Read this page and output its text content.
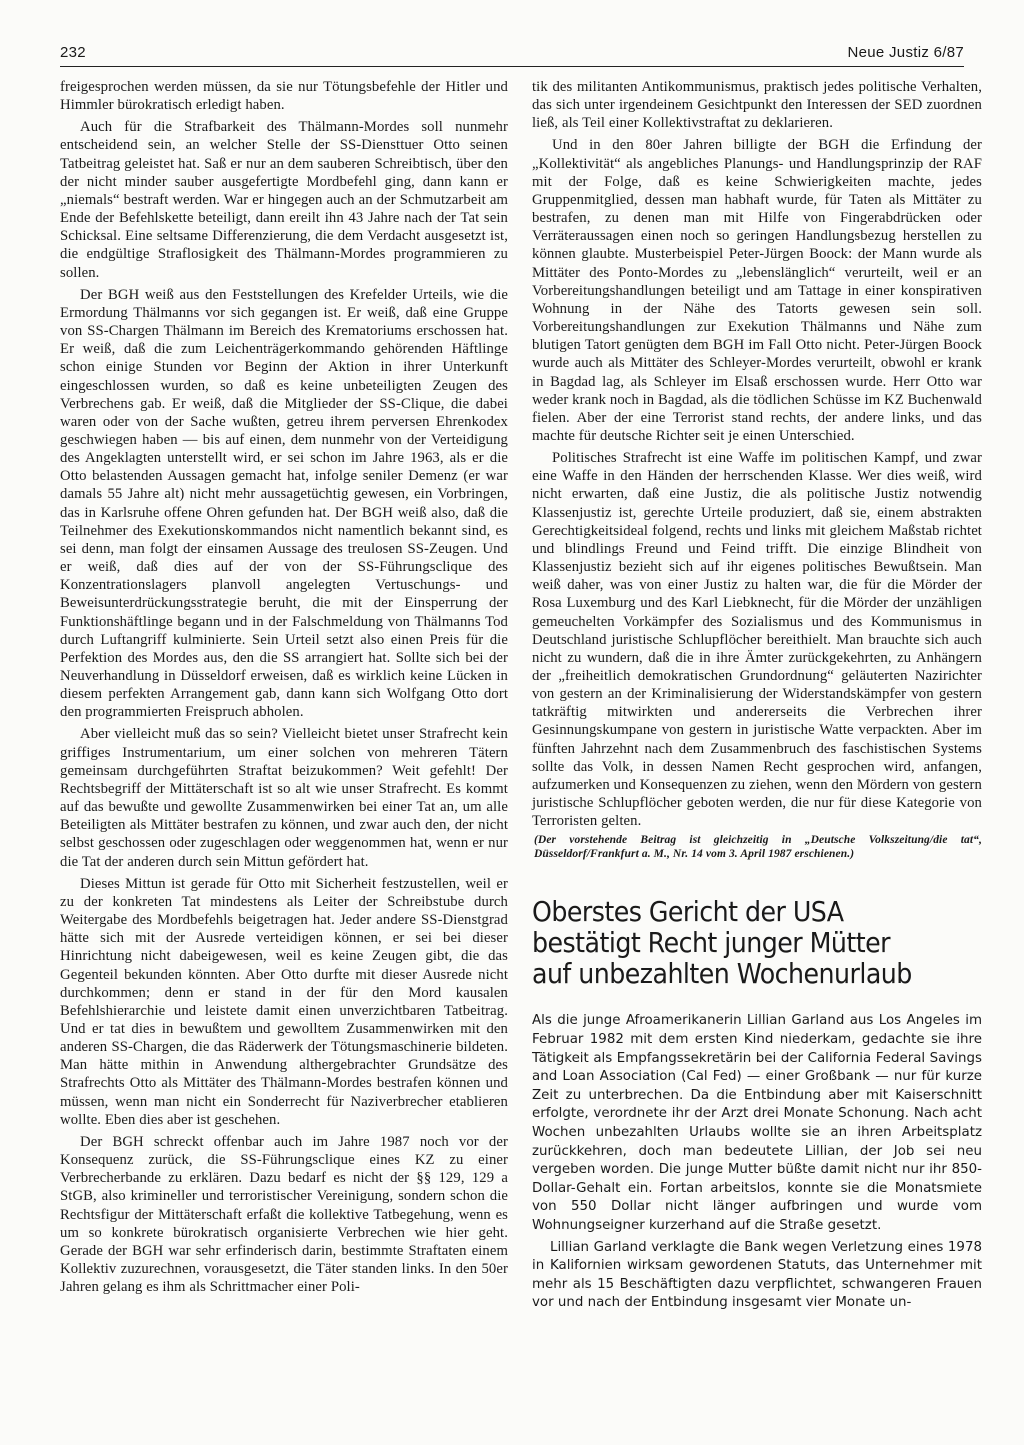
232	Neue Justiz 6/87

freigesprochen werden müssen, da sie nur Tötungsbefehle der Hitler und Himmler bürokratisch erledigt haben.

Auch für die Strafbarkeit des Thälmann-Mordes soll nunmehr entscheidend sein, an welcher Stelle der SS-Diensttuer Otto seinen Tatbeitrag geleistet hat. Saß er nur an dem sauberen Schreibtisch, über den der nicht minder sauber ausgefertigte Mordbefehl ging, dann kann er „niemals“ bestraft werden. War er hingegen auch an der Schmutzarbeit am Ende der Befehlskette beteiligt, dann ereilt ihn 43 Jahre nach der Tat sein Schicksal. Eine seltsame Differenzierung, die dem Verdacht ausgesetzt ist, die endgültige Straflosigkeit des Thälmann-Mordes programmieren zu sollen.

Der BGH weiß aus den Feststellungen des Krefelder Urteils, wie die Ermordung Thälmanns vor sich gegangen ist. Er weiß, daß eine Gruppe von SS-Chargen Thälmann im Bereich des Krematoriums erschossen hat. Er weiß, daß die zum Leichenträgerkommando gehörenden Häftlinge schon einige Stunden vor Beginn der Aktion in ihrer Unterkunft eingeschlossen wurden, so daß es keine unbeteiligten Zeugen des Verbrechens gab. Er weiß, daß die Mitglieder der SS-Clique, die dabei waren oder von der Sache wußten, getreu ihrem perversen Ehrenkodex geschwiegen haben — bis auf einen, dem nunmehr von der Verteidigung des Angeklagten unterstellt wird, er sei schon im Jahre 1963, als er die Otto belastenden Aussagen gemacht hat, infolge seniler Demenz (er war damals 55 Jahre alt) nicht mehr aussagetüchtig gewesen, ein Vorbringen, das in Karlsruhe offene Ohren gefunden hat. Der BGH weiß also, daß die Teilnehmer des Exekutionskommandos nicht namentlich bekannt sind, es sei denn, man folgt der einsamen Aussage des treulosen SS-Zeugen. Und er weiß, daß dies auf der von der SS-Führungsclique des Konzentrationslagers planvoll angelegten Vertuschungs- und Beweisunterdrückungsstrategie beruht, die mit der Einsperrung der Funktionshäftlinge begann und in der Falschmeldung von Thälmanns Tod durch Luftangriff kulminierte. Sein Urteil setzt also einen Preis für die Perfektion des Mordes aus, den die SS arrangiert hat. Sollte sich bei der Neuverhandlung in Düsseldorf erweisen, daß es wirklich keine Lücken in diesem perfekten Arrangement gab, dann kann sich Wolfgang Otto dort den programmierten Freispruch abholen.

Aber vielleicht muß das so sein? Vielleicht bietet unser Strafrecht kein griffiges Instrumentarium, um einer solchen von mehreren Tätern gemeinsam durchgeführten Straftat beizukommen? Weit gefehlt! Der Rechtsbegriff der Mittäterschaft ist so alt wie unser Strafrecht. Es kommt auf das bewußte und gewollte Zusammenwirken bei einer Tat an, um alle Beteiligten als Mittäter bestrafen zu können, und zwar auch den, der nicht selbst geschossen oder zugeschlagen oder weggenommen hat, wenn er nur die Tat der anderen durch sein Mittun gefördert hat.

Dieses Mittun ist gerade für Otto mit Sicherheit festzustellen, weil er zu der konkreten Tat mindestens als Leiter der Schreibstube durch Weitergabe des Mordbefehls beigetragen hat. Jeder andere SS-Dienstgrad hätte sich mit der Ausrede verteidigen können, er sei bei dieser Hinrichtung nicht dabeigewesen, weil es keine Zeugen gibt, die das Gegenteil bekunden könnten. Aber Otto durfte mit dieser Ausrede nicht durchkommen; denn er stand in der für den Mord kausalen Befehlshierarchie und leistete damit einen unverzichtbaren Tatbeitrag. Und er tat dies in bewußtem und gewolltem Zusammenwirken mit den anderen SS-Chargen, die das Räderwerk der Tötungsmaschinerie bildeten. Man hätte mithin in Anwendung althergebrachter Grundsätze des Strafrechts Otto als Mittäter des Thälmann-Mordes bestrafen können und müssen, wenn man nicht ein Sonderrecht für Naziverbrecher etablieren wollte. Eben dies aber ist geschehen.

Der BGH schreckt offenbar auch im Jahre 1987 noch vor der Konsequenz zurück, die SS-Führungsclique eines KZ zu einer Verbrecherbande zu erklären. Dazu bedarf es nicht der §§ 129, 129 a StGB, also krimineller und terroristischer Vereinigung, sondern schon die Rechtsfigur der Mittäterschaft erfaßt die kollektive Tatbegehung, wenn es um so konkrete bürokratisch organisierte Verbrechen wie hier geht. Gerade der BGH war sehr erfinderisch darin, bestimmte Straftaten einem Kollektiv zuzurechnen, vorausgesetzt, die Täter standen links. In den 50er Jahren gelang es ihm als Schrittmacher einer Poli-

tik des militanten Antikommunismus, praktisch jedes politische Verhalten, das sich unter irgendeinem Gesichtpunkt den Interessen der SED zuordnen ließ, als Teil einer Kollektivstraftat zu deklarieren.

Und in den 80er Jahren billigte der BGH die Erfindung der „Kollektivität“ als angebliches Planungs- und Handlungsprinzip der RAF mit der Folge, daß es keine Schwierigkeiten machte, jedes Gruppenmitglied, dessen man habhaft wurde, für Taten als Mittäter zu bestrafen, zu denen man mit Hilfe von Fingerabdrücken oder Verräteraussagen einen noch so geringen Handlungsbezug herstellen zu können glaubte. Musterbeispiel Peter-Jürgen Boock: der Mann wurde als Mittäter des Ponto-Mordes zu „lebenslänglich“ verurteilt, weil er an Vorbereitungshandlungen beteiligt und am Tattage in einer konspirativen Wohnung in der Nähe des Tatorts gewesen sein soll. Vorbereitungshandlungen zur Exekution Thälmanns und Nähe zum blutigen Tatort genügten dem BGH im Fall Otto nicht. Peter-Jürgen Boock wurde auch als Mittäter des Schleyer-Mordes verurteilt, obwohl er krank in Bagdad lag, als Schleyer im Elsaß erschossen wurde. Herr Otto war weder krank noch in Bagdad, als die tödlichen Schüsse im KZ Buchenwald fielen. Aber der eine Terrorist stand rechts, der andere links, und das machte für deutsche Richter seit je einen Unterschied.

Politisches Strafrecht ist eine Waffe im politischen Kampf, und zwar eine Waffe in den Händen der herrschenden Klasse. Wer dies weiß, wird nicht erwarten, daß eine Justiz, die als politische Justiz notwendig Klassenjustiz ist, gerechte Urteile produziert, daß sie, einem abstrakten Gerechtigkeitsideal folgend, rechts und links mit gleichem Maßstab richtet und blindlings Freund und Feind trifft. Die einzige Blindheit von Klassenjustiz bezieht sich auf ihr eigenes politisches Bewußtsein. Man weiß daher, was von einer Justiz zu halten war, die für die Mörder der Rosa Luxemburg und des Karl Liebknecht, für die Mörder der unzähligen gemeuchelten Vorkämpfer des Sozialismus und des Kommunismus in Deutschland juristische Schlupflöcher bereithielt. Man brauchte sich auch nicht zu wundern, daß die in ihre Ämter zurückgekehrten, zu Anhängern der „freiheitlich demokratischen Grundordnung“ geläuterten Nazirichter von gestern an der Kriminalisierung der Widerstandskämpfer von gestern tatkräftig mitwirkten und andererseits die Verbrechen ihrer Gesinnungskumpane von gestern in juristische Watte verpackten. Aber im fünften Jahrzehnt nach dem Zusammenbruch des faschistischen Systems sollte das Volk, in dessen Namen Recht gesprochen wird, anfangen, aufzumerken und Konsequenzen zu ziehen, wenn den Mördern von gestern juristische Schlupflöcher geboten werden, die nur für diese Kategorie von Terroristen gelten.

(Der vorstehende Beitrag ist gleichzeitig in „Deutsche Volkszeitung/die tat“, Düsseldorf/Frankfurt a. M., Nr. 14 vom 3. April 1987 erschienen.)

Oberstes Gericht der USA
bestätigt Recht junger Mütter
auf unbezahlten Wochenurlaub

Als die junge Afroamerikanerin Lillian Garland aus Los Angeles im Februar 1982 mit dem ersten Kind niederkam, gedachte sie ihre Tätigkeit als Empfangssekretärin bei der California Federal Savings and Loan Association (Cal Fed) — einer Großbank — nur für kurze Zeit zu unterbrechen. Da die Entbindung aber mit Kaiserschnitt erfolgte, verordnete ihr der Arzt drei Monate Schonung. Nach acht Wochen unbezahlten Urlaubs wollte sie an ihren Arbeitsplatz zurückkehren, doch man bedeutete Lillian, der Job sei neu vergeben worden. Die junge Mutter büßte damit nicht nur ihr 850-Dollar-Gehalt ein. Fortan arbeitslos, konnte sie die Monatsmiete von 550 Dollar nicht länger aufbringen und wurde vom Wohnungseigner kurzerhand auf die Straße gesetzt.

Lillian Garland verklagte die Bank wegen Verletzung eines 1978 in Kalifornien wirksam gewordenen Statuts, das Unternehmer mit mehr als 15 Beschäftigten dazu verpflichtet, schwangeren Frauen vor und nach der Entbindung insgesamt vier Monate un-
